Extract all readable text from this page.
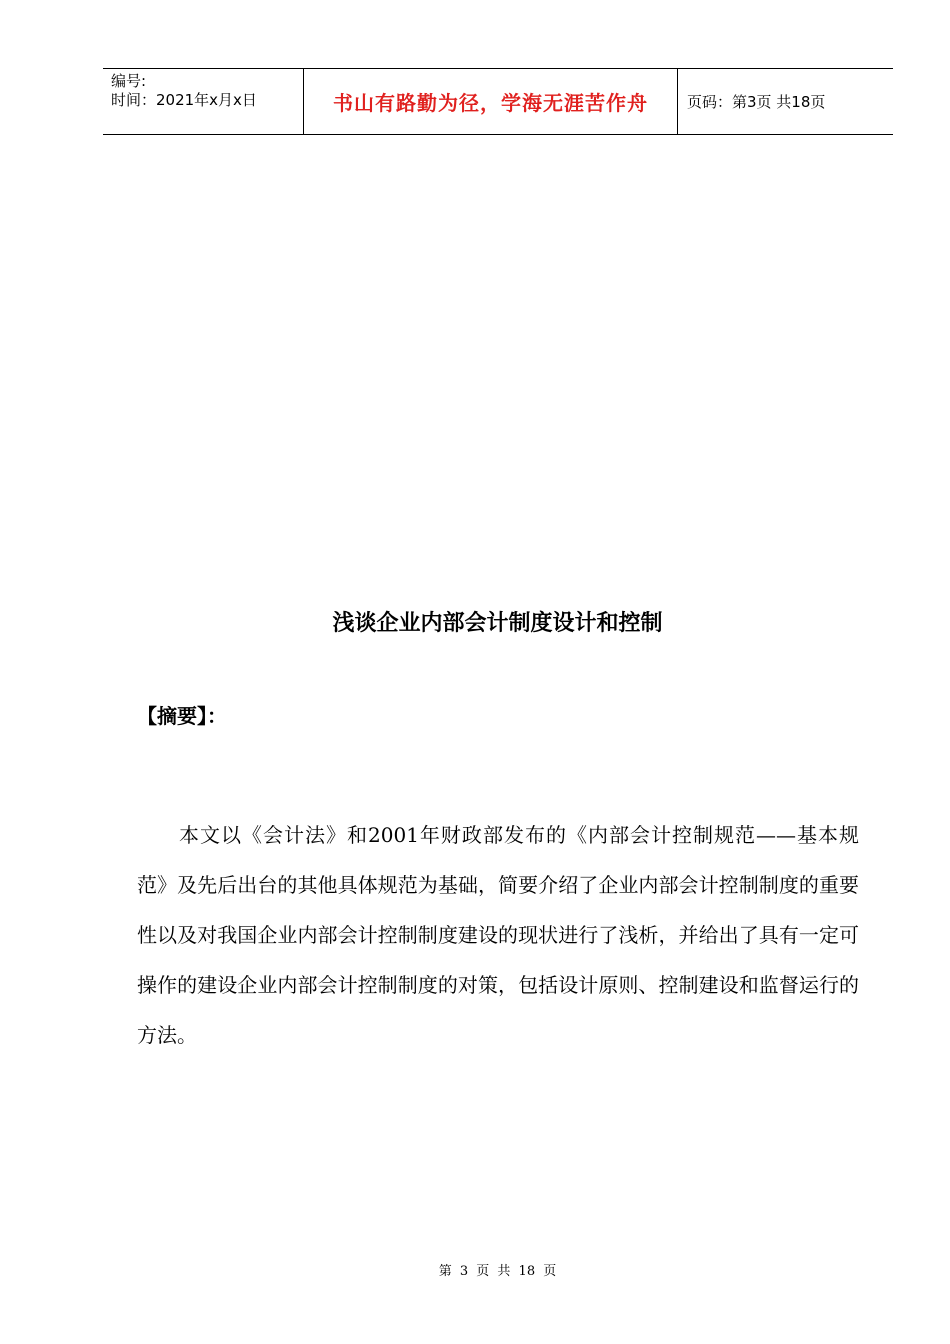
编号:
时间：2021年x月x日	书山有路勤为径，学海无涯苦作舟	页码：第3页 共18页
浅谈企业内部会计制度设计和控制
【摘要】：

本文以《会计法》和2001年财政部发布的《内部会计控制规范——基本规范》及先后出台的其他具体规范为基础，简要介绍了企业内部会计控制制度的重要性以及对我国企业内部会计控制制度建设的现状进行了浅析，并给出了具有一定可操作的建设企业内部会计控制制度的对策，包括设计原则、控制建设和监督运行的方法。

第 3 页 共 18 页
